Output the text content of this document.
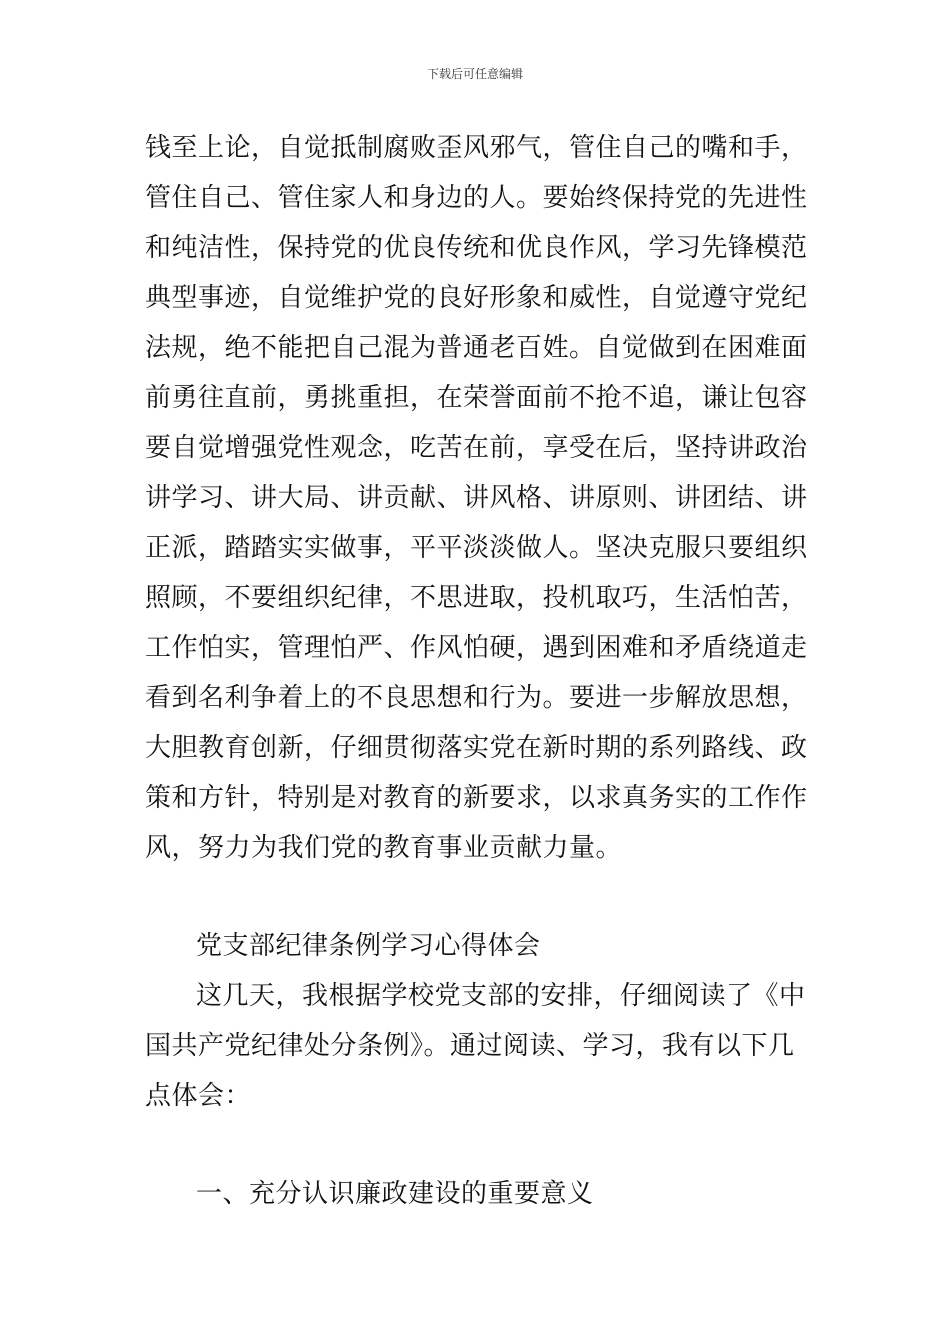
下载后可任意编辑
钱至上论，自觉抵制腐败歪风邪气，管住自己的嘴和手，
管住自己、管住家人和身边的人。要始终保持党的先进性
和纯洁性，保持党的优良传统和优良作风，学习先锋模范
典型事迹，自觉维护党的良好形象和威性，自觉遵守党纪
法规，绝不能把自己混为普通老百姓。自觉做到在困难面
前勇往直前，勇挑重担，在荣誉面前不抢不追，谦让包容
要自觉增强党性观念，吃苦在前，享受在后，坚持讲政治
讲学习、讲大局、讲贡献、讲风格、讲原则、讲团结、讲
正派，踏踏实实做事，平平淡淡做人。坚决克服只要组织
照顾，不要组织纪律，不思进取，投机取巧，生活怕苦，
工作怕实，管理怕严、作风怕硬，遇到困难和矛盾绕道走
看到名利争着上的不良思想和行为。要进一步解放思想，
大胆教育创新，仔细贯彻落实党在新时期的系列路线、政
策和方针，特别是对教育的新要求，以求真务实的工作作
风，努力为我们党的教育事业贡献力量。
党支部纪律条例学习心得体会
这几天，我根据学校党支部的安排，仔细阅读了《中
国共产党纪律处分条例》。通过阅读、学习，我有以下几
点体会：
一、充分认识廉政建设的重要意义
